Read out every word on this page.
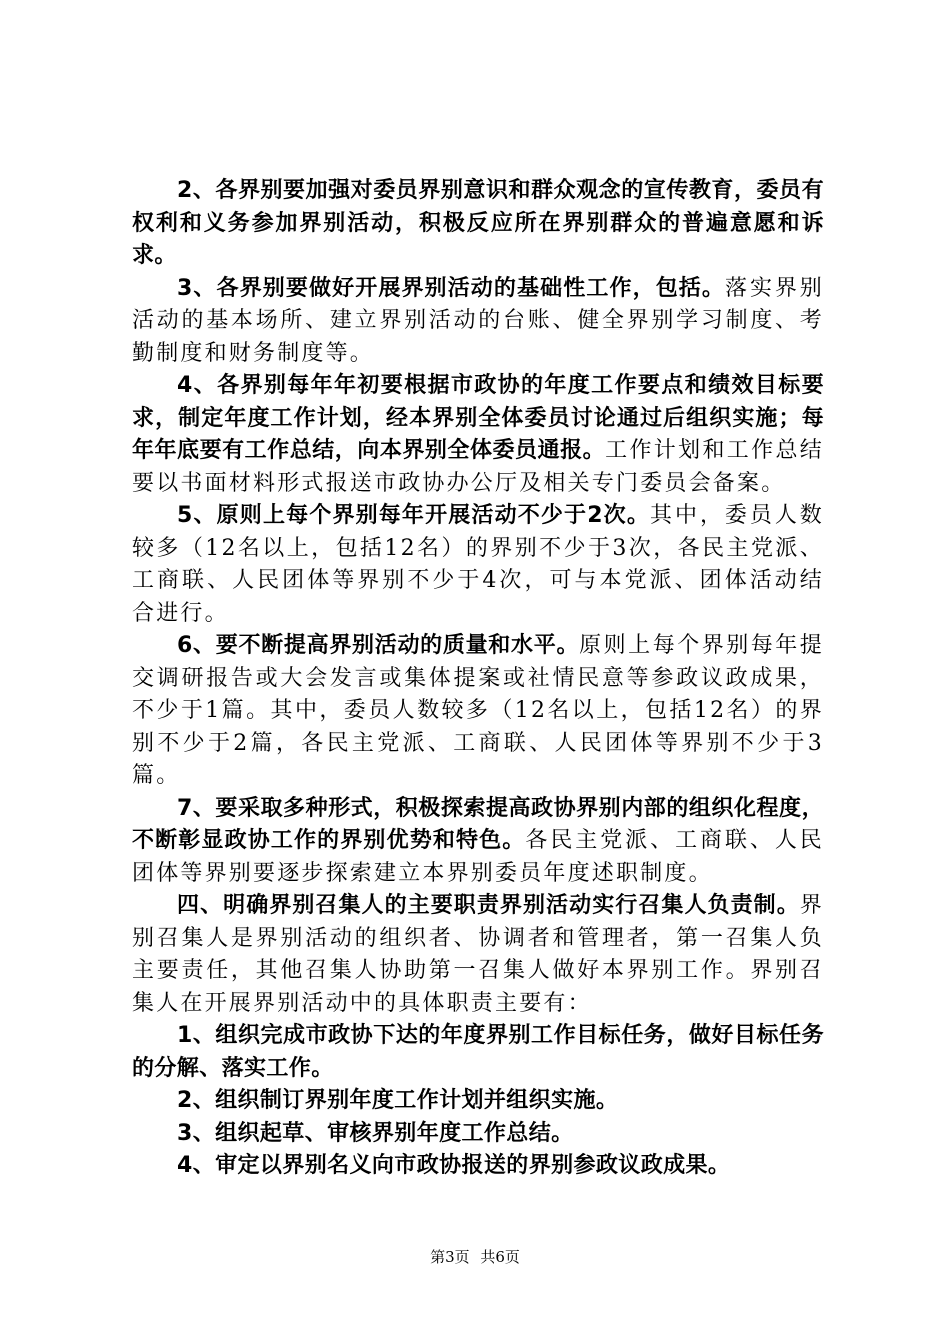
2、各界别要加强对委员界别意识和群众观念的宣传教育，委员有权利和义务参加界别活动，积极反应所在界别群众的普遍意愿和诉求。

3、各界别要做好开展界别活动的基础性工作，包括。落实界别活动的基本场所、建立界别活动的台账、健全界别学习制度、考勤制度和财务制度等。

4、各界别每年年初要根据市政协的年度工作要点和绩效目标要求，制定年度工作计划，经本界别全体委员讨论通过后组织实施；每年年底要有工作总结，向本界别全体委员通报。工作计划和工作总结要以书面材料形式报送市政协办公厅及相关专门委员会备案。

5、原则上每个界别每年开展活动不少于2次。其中，委员人数较多（12名以上，包括12名）的界别不少于3次，各民主党派、工商联、人民团体等界别不少于4次，可与本党派、团体活动结合进行。

6、要不断提高界别活动的质量和水平。原则上每个界别每年提交调研报告或大会发言或集体提案或社情民意等参政议政成果，不少于1篇。其中，委员人数较多（12名以上，包括12名）的界别不少于2篇，各民主党派、工商联、人民团体等界别不少于3篇。

7、要采取多种形式，积极探索提高政协界别内部的组织化程度，不断彰显政协工作的界别优势和特色。各民主党派、工商联、人民团体等界别要逐步探索建立本界别委员年度述职制度。

四、明确界别召集人的主要职责界别活动实行召集人负责制。界别召集人是界别活动的组织者、协调者和管理者，第一召集人负主要责任，其他召集人协助第一召集人做好本界别工作。界别召集人在开展界别活动中的具体职责主要有：

1、组织完成市政协下达的年度界别工作目标任务，做好目标任务的分解、落实工作。

2、组织制订界别年度工作计划并组织实施。

3、组织起草、审核界别年度工作总结。

4、审定以界别名义向市政协报送的界别参政议政成果。

第3页 共6页
